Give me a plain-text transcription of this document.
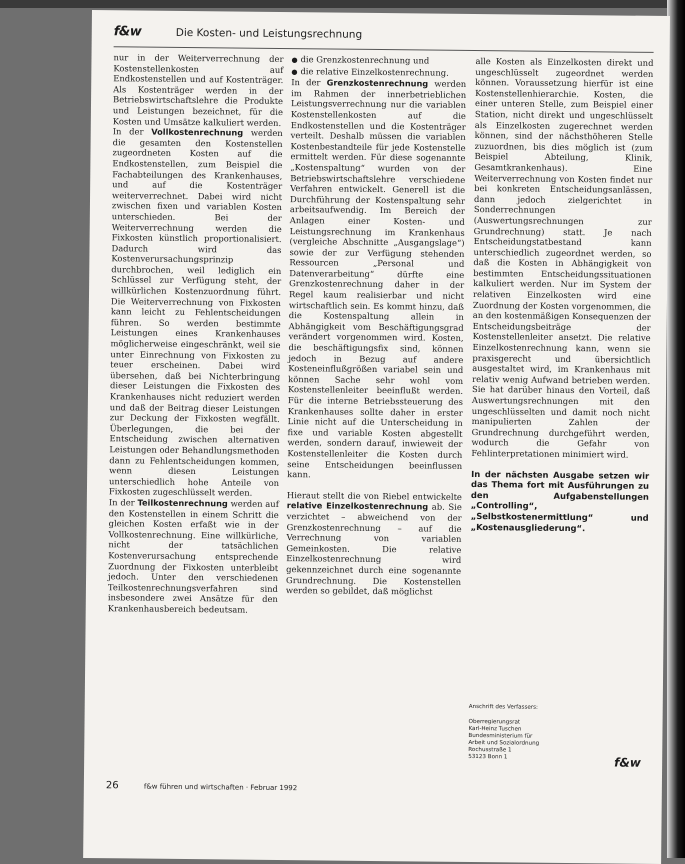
f&w	Die Kosten- und Leistungsrechnung

nur in der Weiterverrechnung der Kostenstellenkosten auf Endkostenstellen und auf Kostenträger. Als Kostenträger werden in der Betriebswirtschaftslehre die Produkte und Leistungen bezeichnet, für die Kosten und Umsätze kalkuliert werden.

In der Vollkostenrechnung werden die gesamten den Kostenstellen zugeordneten Kosten auf die Endkostenstellen, zum Beispiel die Fachabteilungen des Krankenhauses, und auf die Kostenträger weiterverrechnet. Dabei wird nicht zwischen fixen und variablen Kosten unterschieden. Bei der Weiterverrechnung werden die Fixkosten künstlich proportionalisiert. Dadurch wird das Kostenverursachungsprinzip durchbrochen, weil lediglich ein Schlüssel zur Verfügung steht, der willkürlichen Kostenzuordnung führt. Die Weiterverrechnung von Fixkosten kann leicht zu Fehlentscheidungen führen. So werden bestimmte Leistungen eines Krankenhauses möglicherweise eingeschränkt, weil sie unter Einrechnung von Fixkosten zu teuer erscheinen. Dabei wird übersehen, daß bei Nichterbringung dieser Leistungen die Fixkosten des Krankenhauses nicht reduziert werden und daß der Beitrag dieser Leistungen zur Deckung der Fixkosten wegfällt. Überlegungen, die bei der Entscheidung zwischen alternativen Leistungen oder Behandlungsmethoden dann zu Fehlentscheidungen kommen, wenn diesen Leistungen unterschiedlich hohe Anteile von Fixkosten zugeschlüsselt werden.

In der Teilkostenrechnung werden auf den Kostenstellen in einem Schritt die gleichen Kosten erfaßt wie in der Vollkostenrechnung. Eine willkürliche, nicht der tatsächlichen Kostenverursachung entsprechende Zuordnung der Fixkosten unterbleibt jedoch. Unter den verschiedenen Teilkostenrechnungsverfahren sind insbesondere zwei Ansätze für den Krankenhausbereich bedeutsam.

● die Grenzkostenrechnung und
● die relative Einzelkostenrechnung.

In der Grenzkostenrechnung werden im Rahmen der innerbetrieblichen Leistungsverrechnung nur die variablen Kostenstellenkosten auf die Endkostenstellen und die Kostenträger verteilt. Deshalb müssen die variablen Kostenbestandteile für jede Kostenstelle ermittelt werden. Für diese sogenannte „Kostenspaltung“ wurden von der Betriebswirtschaftslehre verschiedene Verfahren entwickelt. Generell ist die Durchführung der Kostenspaltung sehr arbeitsaufwendig. Im Bereich der Anlagen einer Kosten- und Leistungsrechnung im Krankenhaus (vergleiche Abschnitte „Ausgangslage“) sowie der zur Verfügung stehenden Ressourcen „Personal und Datenverarbeitung“ dürfte eine Grenzkostenrechnung daher in der Regel kaum realisierbar und nicht wirtschaftlich sein. Es kommt hinzu, daß die Kostenspaltung allein in Abhängigkeit vom Beschäftigungsgrad verändert vorgenommen wird. Kosten, die beschäftigungsfix sind, können jedoch in Bezug auf andere Kosteneinflußgrößen variabel sein und können Sache sehr wohl vom Kostenstellenleiter beeinflußt werden. Für die interne Betriebssteuerung des Krankenhauses sollte daher in erster Linie nicht auf die Unterscheidung in fixe und variable Kosten abgestellt werden, sondern darauf, inwieweit der Kostenstellenleiter die Kosten durch seine Entscheidungen beeinflussen kann.

Hieraut stellt die von Riebel entwickelte relative Einzelkostenrechnung ab. Sie verzichtet – abweichend von der Grenzkostenrechnung – auf die Verrechnung von variablen Gemeinkosten. Die relative Einzelkostenrechnung wird gekennzeichnet durch eine sogenannte Grundrechnung. Die Kostenstellen werden so gebildet, daß möglichst

alle Kosten als Einzelkosten direkt und ungeschlüsselt zugeordnet werden können. Voraussetzung hierfür ist eine Kostenstellenhierarchie. Kosten, die einer unteren Stelle, zum Beispiel einer Station, nicht direkt und ungeschlüsselt als Einzelkosten zugerechnet werden können, sind der nächsthöheren Stelle zuzuordnen, bis dies möglich ist (zum Beispiel Abteilung, Klinik, Gesamtkrankenhaus). Eine Weiterverrechnung von Kosten findet nur bei konkreten Entscheidungsanlässen, dann jedoch zielgerichtet in Sonderrechnungen (Auswertungsrechnungen zur Grundrechnung) statt. Je nach Entscheidungstatbestand kann unterschiedlich zugeordnet werden, so daß die Kosten in Abhängigkeit von bestimmten Entscheidungssituationen kalkuliert werden. Nur im System der relativen Einzelkosten wird eine Zuordnung der Kosten vorgenommen, die an den kostenmäßigen Konsequenzen der Entscheidungsbeiträge der Kostenstellenleiter ansetzt. Die relative Einzelkostenrechnung kann, wenn sie praxisgerecht und übersichtlich ausgestaltet wird, im Krankenhaus mit relativ wenig Aufwand betrieben werden. Sie hat darüber hinaus den Vorteil, daß Auswertungsrechnungen mit den ungeschlüsselten und damit noch nicht manipulierten Zahlen der Grundrechnung durchgeführt werden, wodurch die Gefahr von Fehlinterpretationen minimiert wird.

In der nächsten Ausgabe setzen wir das Thema fort mit Ausführungen zu den Aufgabenstellungen „Controlling“, „Selbstkostenermittlung“ und „Kostenausgliederung“.

Anschrift des Verfassers:
Oberregierungsrat
Karl-Heinz Tuschen
Bundesministerium für
Arbeit und Sozialordnung
Rochusstraße 1
53123 Bonn 1	f&w
26	f&w führen und wirtschaften · Februar 1992
